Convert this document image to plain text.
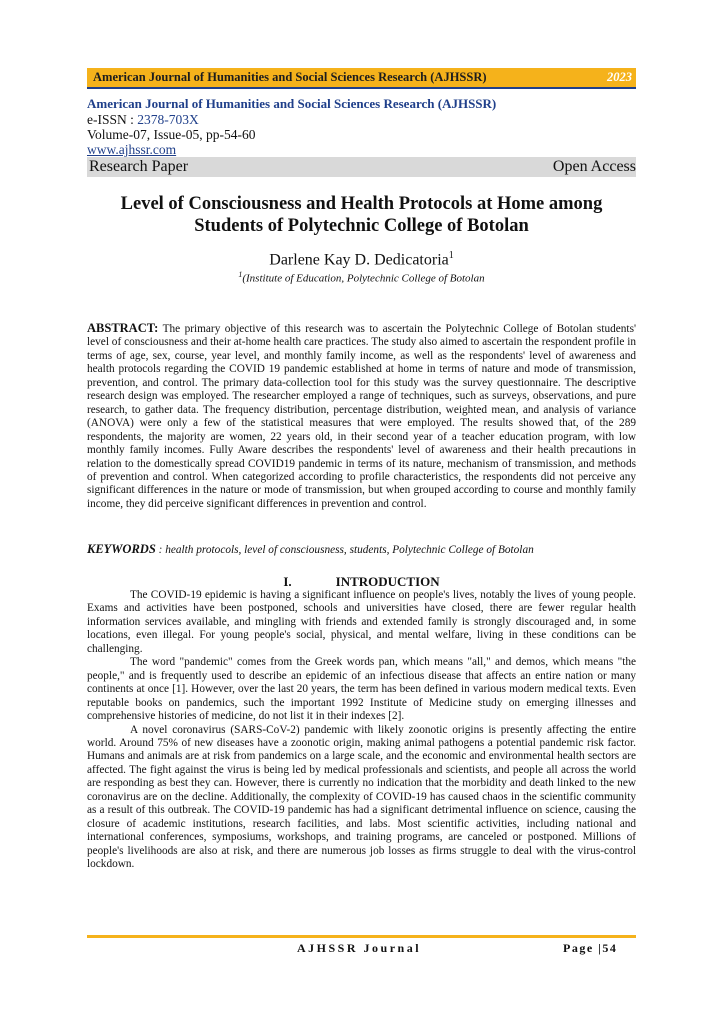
American Journal of Humanities and Social Sciences Research (AJHSSR)	2023
American Journal of Humanities and Social Sciences Research (AJHSSR)
e-ISSN : 2378-703X
Volume-07, Issue-05, pp-54-60
www.ajhssr.com
Research Paper	Open Access
Level of Consciousness and Health Protocols at Home among Students of Polytechnic College of Botolan
Darlene Kay D. Dedicatoria$^1$
$^1$(Institute of Education, Polytechnic College of Botolan
ABSTRACT: The primary objective of this research was to ascertain the Polytechnic College of Botolan students' level of consciousness and their at-home health care practices. The study also aimed to ascertain the respondent profile in terms of age, sex, course, year level, and monthly family income, as well as the respondents' level of awareness and health protocols regarding the COVID 19 pandemic established at home in terms of nature and mode of transmission, prevention, and control. The primary data-collection tool for this study was the survey questionnaire. The descriptive research design was employed. The researcher employed a range of techniques, such as surveys, observations, and pure research, to gather data. The frequency distribution, percentage distribution, weighted mean, and analysis of variance (ANOVA) were only a few of the statistical measures that were employed. The results showed that, of the 289 respondents, the majority are women, 22 years old, in their second year of a teacher education program, with low monthly family incomes. Fully Aware describes the respondents' level of awareness and their health precautions in relation to the domestically spread COVID19 pandemic in terms of its nature, mechanism of transmission, and methods of prevention and control. When categorized according to profile characteristics, the respondents did not perceive any significant differences in the nature or mode of transmission, but when grouped according to course and monthly family income, they did perceive significant differences in prevention and control.
KEYWORDS : health protocols, level of consciousness, students, Polytechnic College of Botolan
I.	INTRODUCTION

The COVID-19 epidemic is having a significant influence on people's lives, notably the lives of young people. Exams and activities have been postponed, schools and universities have closed, there are fewer regular health information services available, and mingling with friends and extended family is strongly discouraged and, in some locations, even illegal. For young people's social, physical, and mental welfare, living in these conditions can be challenging.

The word "pandemic" comes from the Greek words pan, which means "all," and demos, which means "the people," and is frequently used to describe an epidemic of an infectious disease that affects an entire nation or many continents at once [1]. However, over the last 20 years, the term has been defined in various modern medical texts. Even reputable books on pandemics, such the important 1992 Institute of Medicine study on emerging illnesses and comprehensive histories of medicine, do not list it in their indexes [2].

A novel coronavirus (SARS-CoV-2) pandemic with likely zoonotic origins is presently affecting the entire world. Around 75% of new diseases have a zoonotic origin, making animal pathogens a potential pandemic risk factor. Humans and animals are at risk from pandemics on a large scale, and the economic and environmental health sectors are affected. The fight against the virus is being led by medical professionals and scientists, and people all across the world are responding as best they can. However, there is currently no indication that the morbidity and death linked to the new coronavirus are on the decline. Additionally, the complexity of COVID-19 has caused chaos in the scientific community as a result of this outbreak. The COVID-19 pandemic has had a significant detrimental influence on science, causing the closure of academic institutions, research facilities, and labs. Most scientific activities, including national and international conferences, symposiums, workshops, and training programs, are canceled or postponed. Millions of people's livelihoods are also at risk, and there are numerous job losses as firms struggle to deal with the virus-control lockdown.

AJHSSR Journal	Page |54
